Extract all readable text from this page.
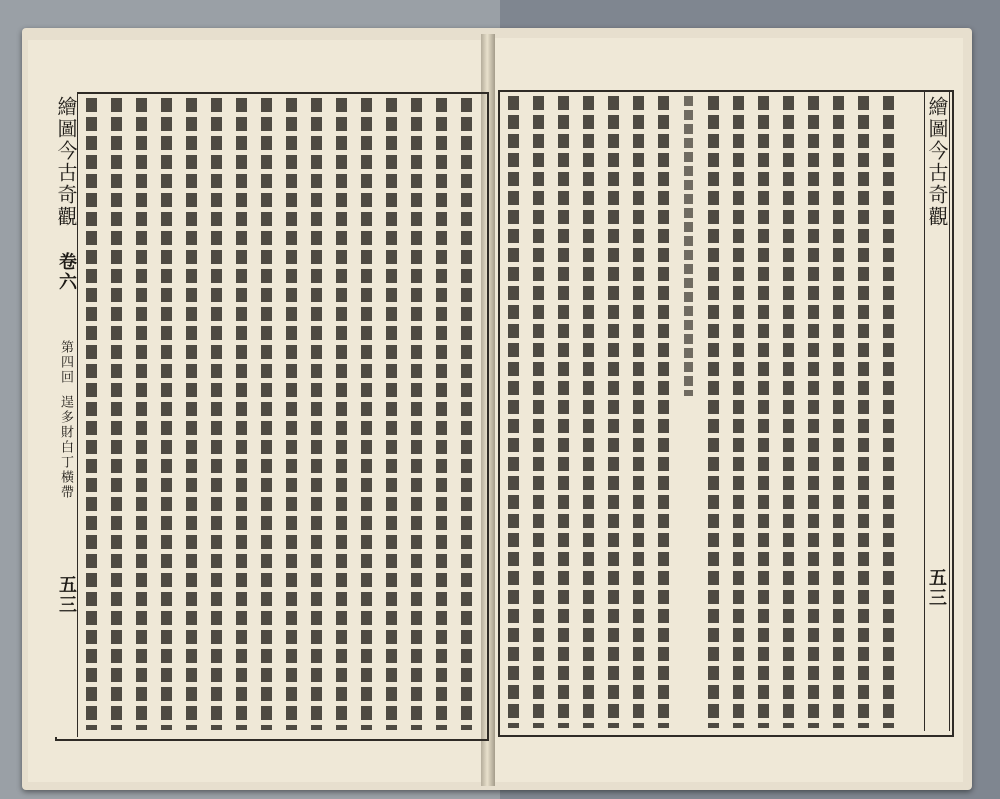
繪圖今古奇觀
卷六
第四回
逞多財白丁橫帶
五三
繪圖今古奇觀
五三
